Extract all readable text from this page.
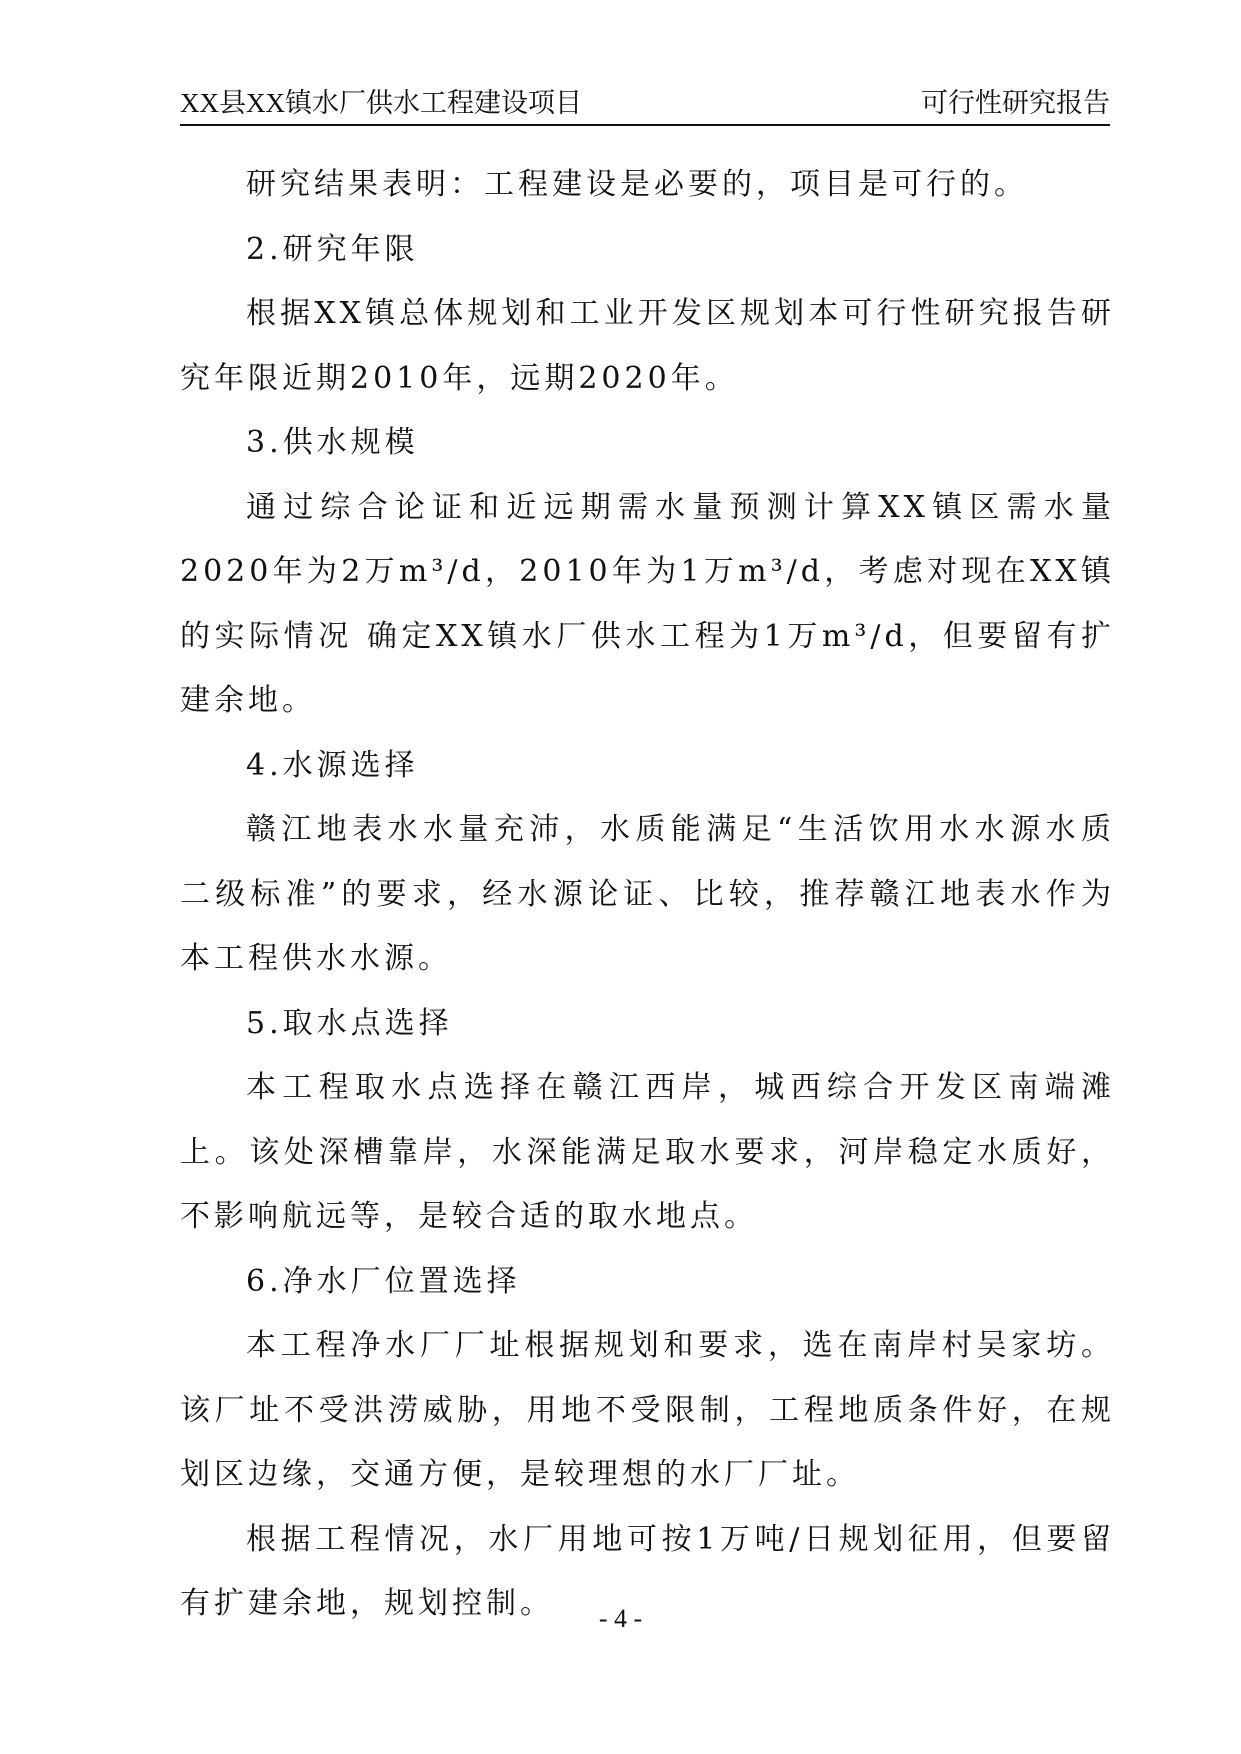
XX县XX镇水厂供水工程建设项目	可行性研究报告

研究结果表明：工程建设是必要的，项目是可行的。

2.研究年限

根据XX镇总体规划和工业开发区规划本可行性研究报告研究年限近期2010年，远期2020年。

3.供水规模

通过综合论证和近远期需水量预测计算XX镇区需水量2020年为2万m³/d，2010年为1万m³/d，考虑对现在XX镇的实际情况 确定XX镇水厂供水工程为1万m³/d，但要留有扩建余地。

4.水源选择

赣江地表水水量充沛，水质能满足“生活饮用水水源水质二级标准”的要求，经水源论证、比较，推荐赣江地表水作为本工程供水水源。

5.取水点选择

本工程取水点选择在赣江西岸，城西综合开发区南端滩上。该处深槽靠岸，水深能满足取水要求，河岸稳定水质好，不影响航远等，是较合适的取水地点。

6.净水厂位置选择

本工程净水厂厂址根据规划和要求，选在南岸村吴家坊。该厂址不受洪涝威胁，用地不受限制，工程地质条件好，在规划区边缘，交通方便，是较理想的水厂厂址。

根据工程情况，水厂用地可按1万吨/日规划征用，但要留有扩建余地，规划控制。	- 4 -
